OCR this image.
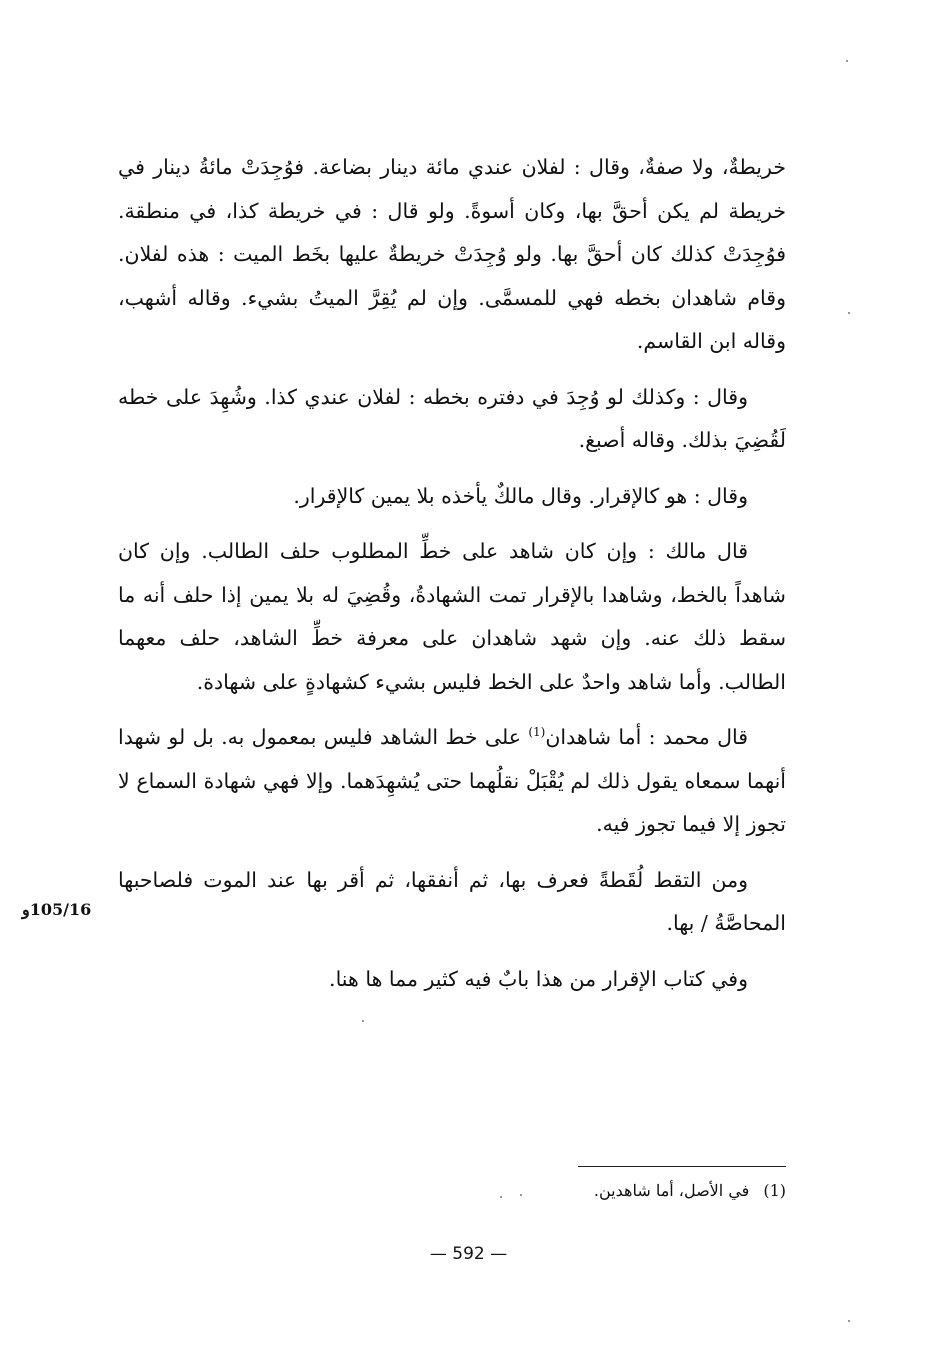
خريطةٌ، ولا صفةٌ، وقال : لفلان عندي مائة دينار بضاعة. فوُجِدَتْ مائةُ دينار في خريطة لم يكن أحقَّ بها، وكان أسوةً. ولو قال : في خريطة كذا، في منطقة. فوُجِدَتْ كذلك كان أحقَّ بها. ولو وُجِدَتْ خريطةٌ عليها بخَط الميت : هذه لفلان. وقام شاهدان بخطه فهي للمسمَّى. وإن لم يُقِرَّ الميتُ بشيء. وقاله أشهب، وقاله ابن القاسم.

وقال : وكذلك لو وُجِدَ في دفتره بخطه : لفلان عندي كذا. وشُهِدَ على خطه لَقُضِيَ بذلك. وقاله أصبغ.

وقال : هو كالإقرار. وقال مالكٌ يأخذه بلا يمين كالإقرار.

قال مالك : وإن كان شاهد على خطِّ المطلوب حلف الطالب. وإن كان شاهداً بالخط، وشاهدا بالإقرار تمت الشهادةُ، وقُضِيَ له بلا يمين إذا حلف أنه ما سقط ذلك عنه. وإن شهد شاهدان على معرفة خطِّ الشاهد، حلف معهما الطالب. وأما شاهد واحدٌ على الخط فليس بشيء كشهادةٍ على شهادة.

قال محمد : أما شاهدان$^{(1)}$ على خط الشاهد فليس بمعمول به. بل لو شهدا أنهما سمعاه يقول ذلك لم يُقْبَلْ نقلُهما حتى يُشهِدَهما. وإلا فهي شهادة السماع لا تجوز إلا فيما تجوز فيه.

ومن التقط لُقَطةً فعرف بها، ثم أنفقها، ثم أقر بها عند الموت فلصاحبها المحاصَّةُ / بها.

وفي كتاب الإقرار من هذا بابٌ فيه كثير مما ها هنا.

105/16و
(1)في الأصل، أما شاهدين.
— 592 —
